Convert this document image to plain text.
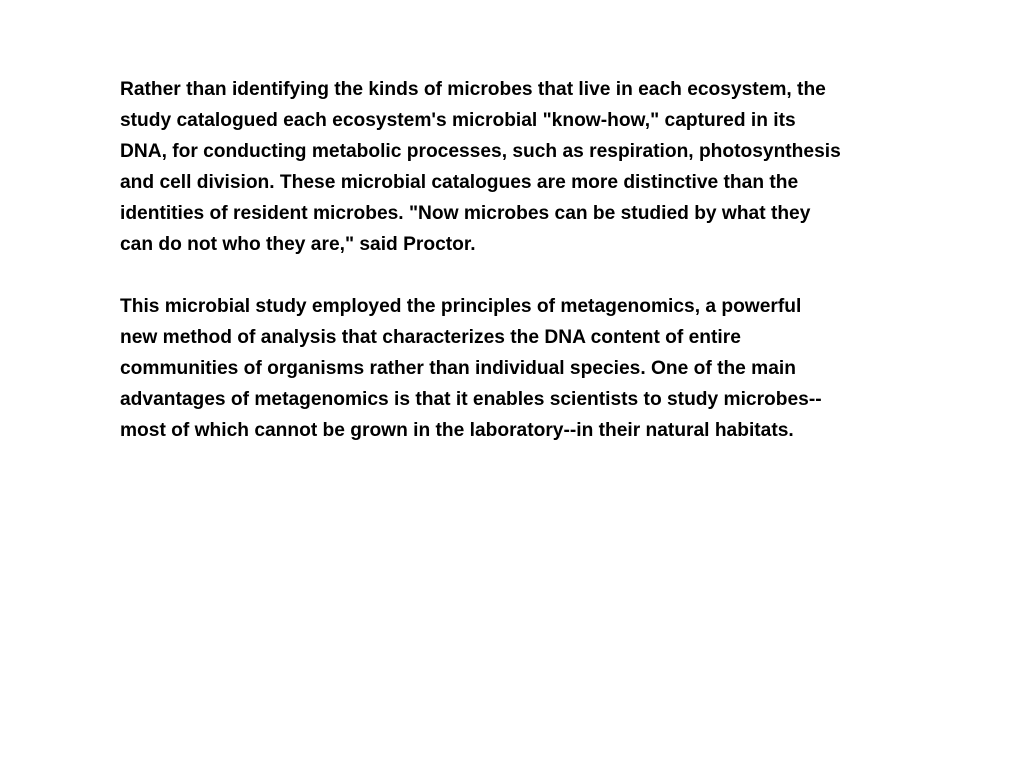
Rather than identifying the kinds of microbes that live in each ecosystem, the
study catalogued each ecosystem's microbial "know-how," captured in its
DNA, for conducting metabolic processes, such as respiration, photosynthesis
and cell division. These microbial catalogues are more distinctive than the
identities of resident microbes. "Now microbes can be studied by what they
can do not who they are," said Proctor.

This microbial study employed the principles of metagenomics, a powerful
new method of analysis that characterizes the DNA content of entire
communities of organisms rather than individual species. One of the main
advantages of metagenomics is that it enables scientists to study microbes--
most of which cannot be grown in the laboratory--in their natural habitats.
